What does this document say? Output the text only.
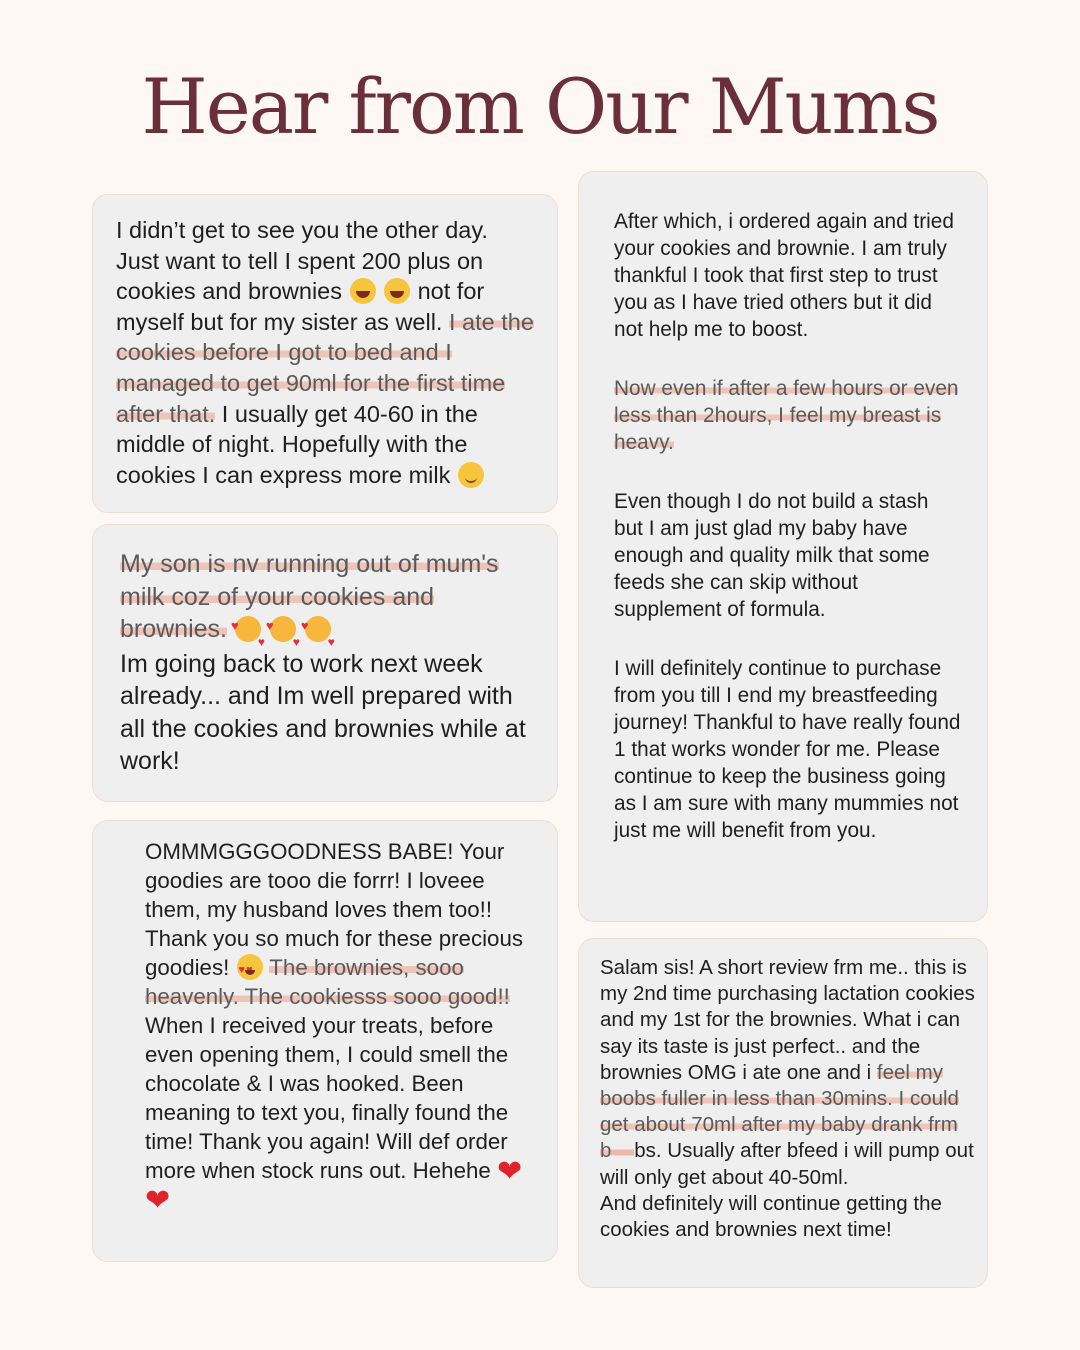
Hear from Our Mums

I didn’t get to see you the other day. Just want to tell I spent 200 plus on cookies and brownies	not for myself but for my sister as well. I ate the cookies before I got to bed and I managed to get 90ml for the first time after that. I usually get 40-60 in the middle of night. Hopefully with the cookies I can express more milk

My son is nv running out of mum's milk coz of your cookies and brownies. ♥ ♥ ♥ ♥ ♥ ♥

Im going back to work next week already... and Im well prepared with all the cookies and brownies while at work!

OMMMGGGOODNESS BABE! Your goodies are tooo die forrr! I loveee them, my husband loves them too!! Thank you so much for these precious goodies! ♥ ♥ The brownies, sooo heavenly. The cookiesss sooo good!! When I received your treats, before even opening them, I could smell the chocolate & I was hooked. Been meaning to text you, finally found the time! Thank you again! Will def order more when stock runs out. Hehehe ❤❤

After which, i ordered again and tried your cookies and brownie. I am truly thankful I took that first step to trust you as I have tried others but it did not help me to boost.

Now even if after a few hours or even less than 2hours, I feel my breast is heavy.

Even though I do not build a stash but I am just glad my baby have enough and quality milk that some feeds she can skip without supplement of formula.

I will definitely continue to purchase from you till I end my breastfeeding journey! Thankful to have really found 1 that works wonder for me. Please continue to keep the business going as I am sure with many mummies not just me will benefit from you.

Salam sis! A short review frm me.. this is my 2nd time purchasing lactation cookies and my 1st for the brownies. What i can say its taste is just perfect.. and the brownies OMG i ate one and i feel my boobs fuller in less than 30mins. I could get about 70ml after my baby drank frm b bs. Usually after bfeed i will pump out will only get about 40-50ml.

And definitely will continue getting the cookies and brownies next time!
